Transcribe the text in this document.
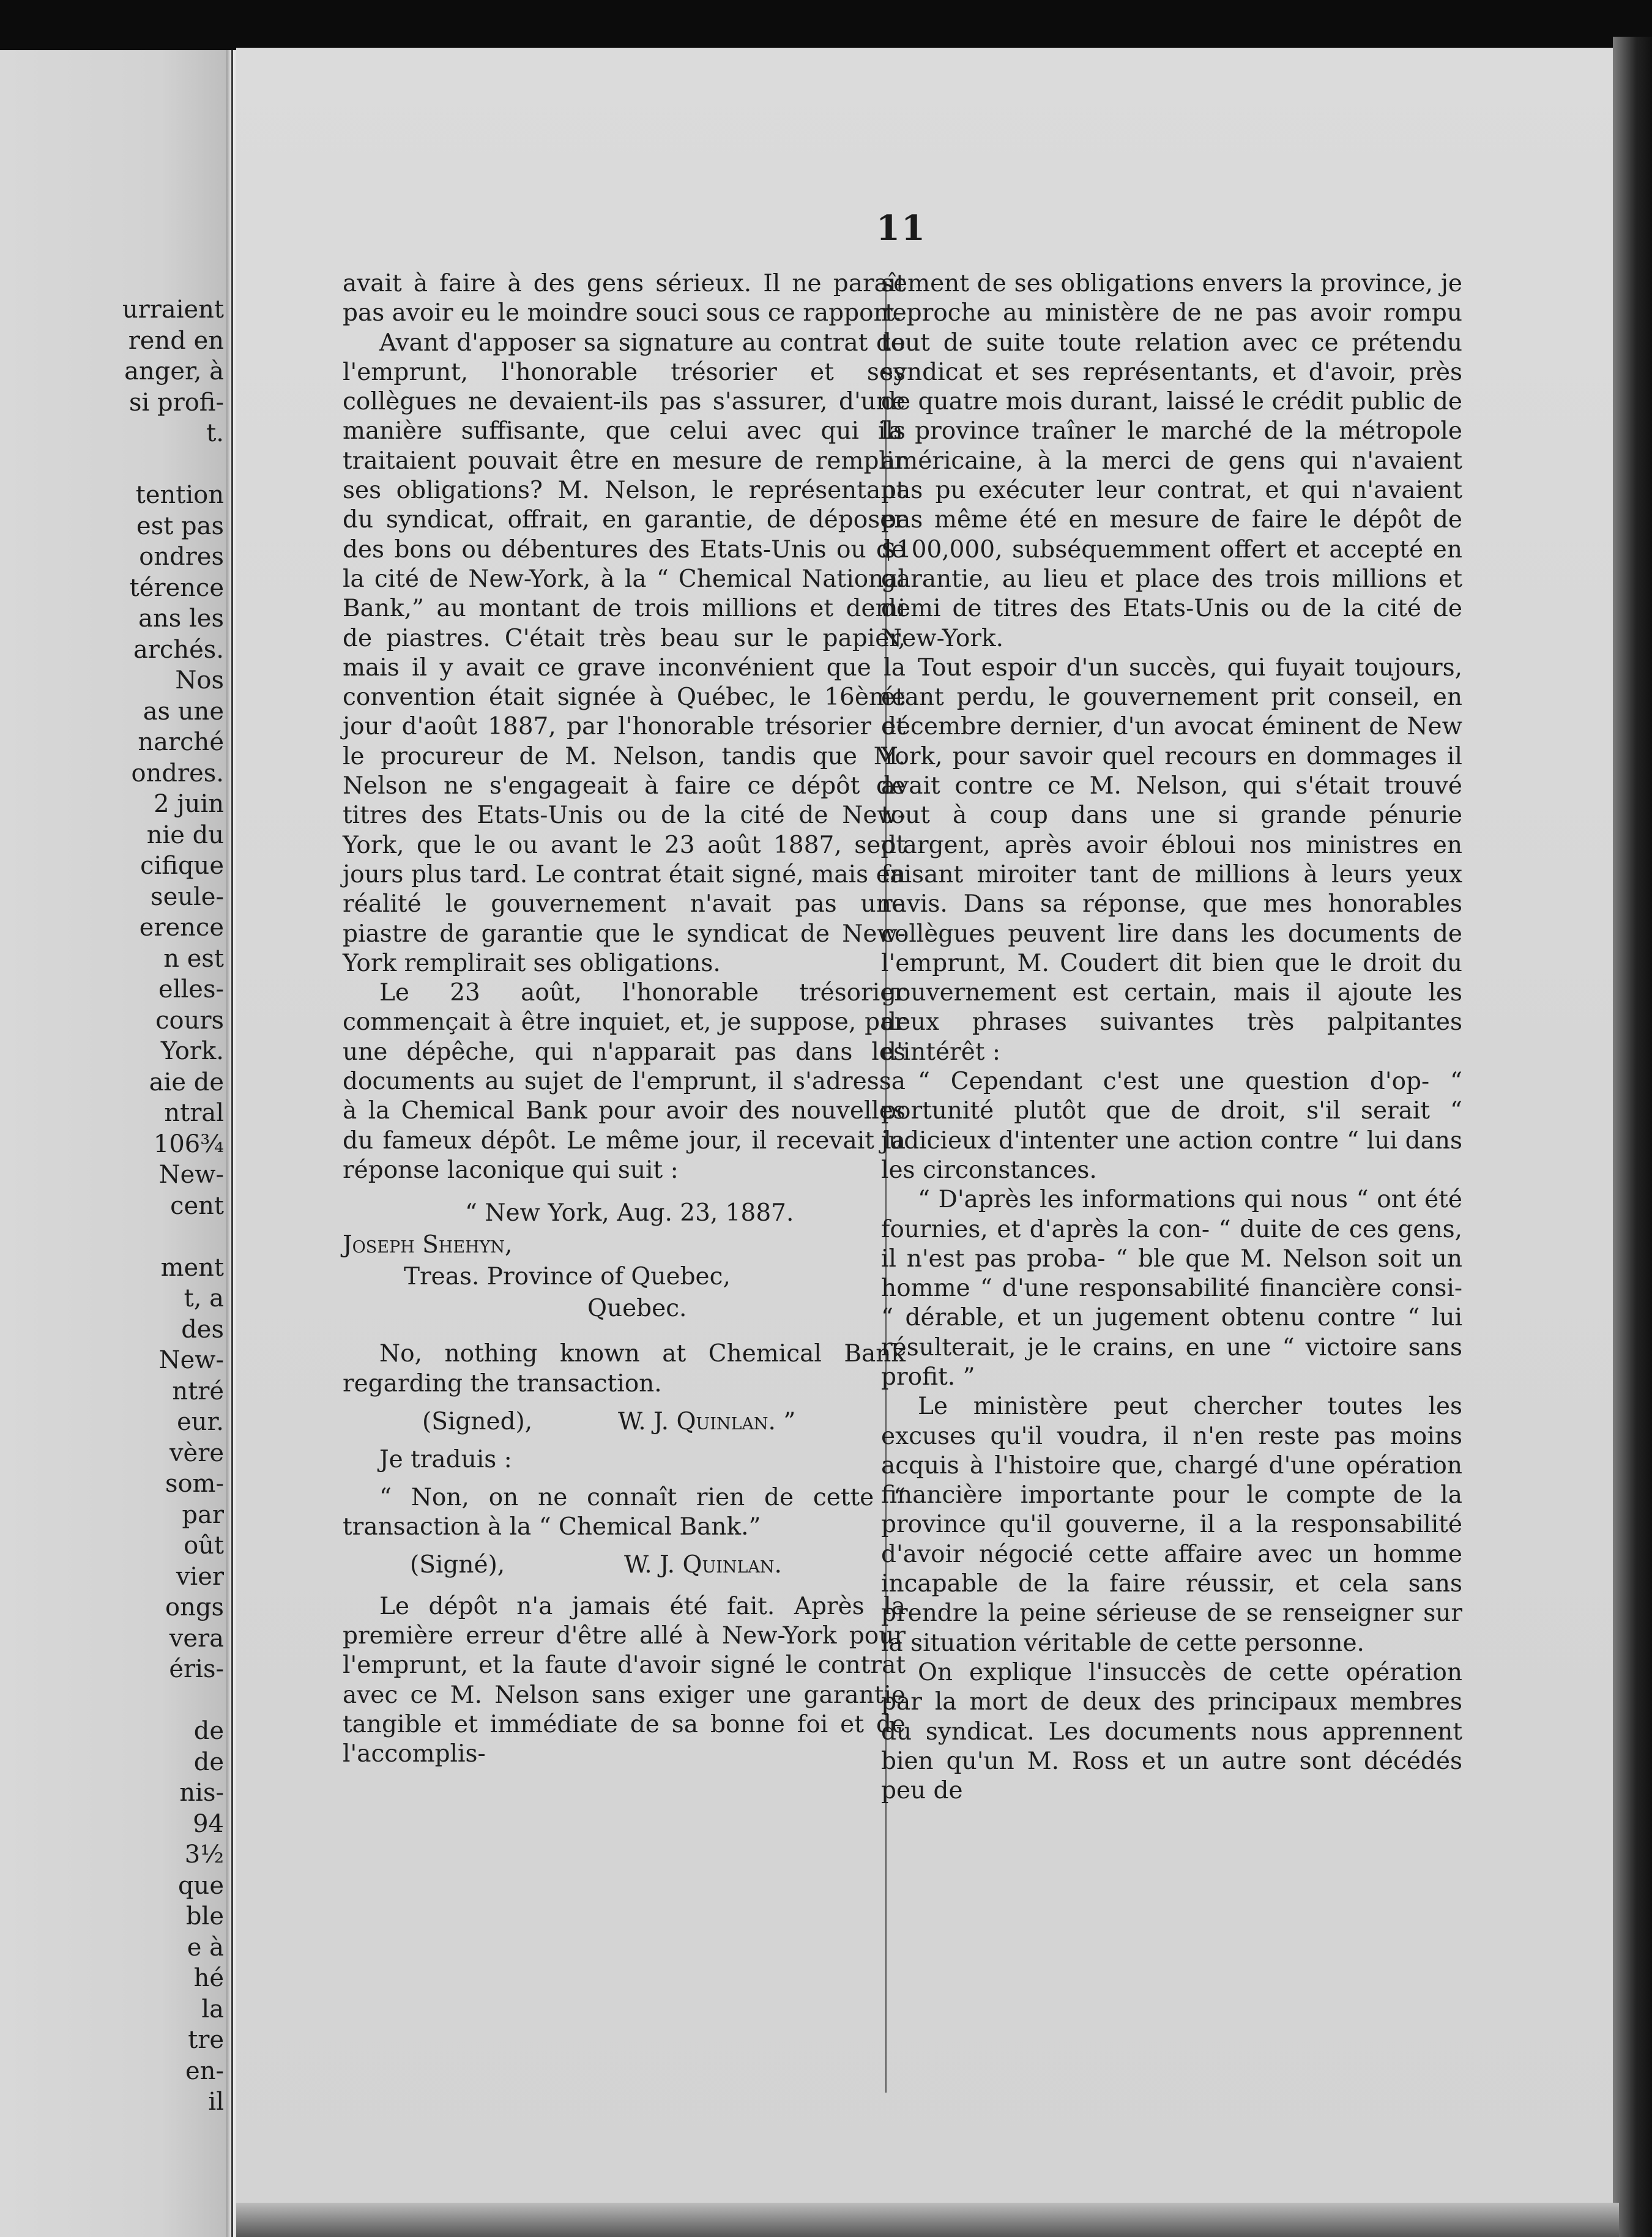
urraient
rend en
anger, à
si profi-
t.
tention
est pas
ondres
térence
ans les
archés.
Nos
as une
narché
ondres.
2 juin
nie du
cifique
seule-
erence
n est
elles-
cours
York.
aie de
ntral
106¾
New-
cent
ment
t, a
des
New-
ntré
eur.
vère
som-
par
oût
vier
ongs
vera
éris-
de
de
nis-
94
3½
que
ble
e à
hé
la
tre
en-
il
11

avait à faire à des gens sérieux. Il ne paraît pas avoir eu le moindre souci sous ce rapport.

Avant d'apposer sa signature au contrat de l'emprunt, l'honorable trésorier et ses collègues ne devaient-ils pas s'assurer, d'une manière suffisante, que celui avec qui ils traitaient pouvait être en mesure de remplir ses obligations? M. Nelson, le représentant du syndicat, offrait, en garantie, de déposer des bons ou débentures des Etats-Unis ou de la cité de New-York, à la “ Chemical National Bank,” au montant de trois millions et demi de piastres. C'était très beau sur le papier, mais il y avait ce grave inconvénient que la convention était signée à Québec, le 16ème jour d'août 1887, par l'honorable trésorier et le procureur de M. Nelson, tandis que M. Nelson ne s'engageait à faire ce dépôt de titres des Etats-Unis ou de la cité de New-York, que le ou avant le 23 août 1887, sept jours plus tard. Le contrat était signé, mais en réalité le gouvernement n'avait pas une piastre de garantie que le syndicat de New-York remplirait ses obligations.

Le 23 août, l'honorable trésorier commençait à être inquiet, et, je suppose, par une dépêche, qui n'apparait pas dans les documents au sujet de l'emprunt, il s'adressa à la Chemical Bank pour avoir des nouvelles du fameux dépôt. Le même jour, il recevait la réponse laconique qui suit :

“ New York, Aug. 23, 1887.
Joseph Shehyn,
Treas. Province of Quebec,
Quebec.

No, nothing known at Chemical Bank regarding the transaction.

(Signed),	W. J. Quinlan. ”

Je traduis :

“ Non, on ne connaît rien de cette “ transaction à la “ Chemical Bank.”

(Signé),	W. J. Quinlan.

Le dépôt n'a jamais été fait. Après la première erreur d'être allé à New-York pour l'emprunt, et la faute d'avoir signé le contrat avec ce M. Nelson sans exiger une garantie tangible et immédiate de sa bonne foi et de l'accomplis-

sement de ses obligations envers la province, je reproche au ministère de ne pas avoir rompu tout de suite toute relation avec ce prétendu syndicat et ses représentants, et d'avoir, près de quatre mois durant, laissé le crédit public de la province traîner le marché de la métropole américaine, à la merci de gens qui n'avaient pas pu exécuter leur contrat, et qui n'avaient pas même été en mesure de faire le dépôt de $100,000, subséquemment offert et accepté en garantie, au lieu et place des trois millions et demi de titres des Etats-Unis ou de la cité de New-York.

Tout espoir d'un succès, qui fuyait toujours, étant perdu, le gouvernement prit conseil, en décembre dernier, d'un avocat éminent de New York, pour savoir quel recours en dommages il avait contre ce M. Nelson, qui s'était trouvé tout à coup dans une si grande pénurie d'argent, après avoir ébloui nos ministres en faisant miroiter tant de millions à leurs yeux ravis. Dans sa réponse, que mes honorables collègues peuvent lire dans les documents de l'emprunt, M. Coudert dit bien que le droit du gouvernement est certain, mais il ajoute les deux phrases suivantes très palpitantes d'intérêt :

“ Cependant c'est une question d'op- “ portunité plutôt que de droit, s'il serait “ judicieux d'intenter une action contre “ lui dans les circonstances.

“ D'après les informations qui nous “ ont été fournies, et d'après la con- “ duite de ces gens, il n'est pas proba- “ ble que M. Nelson soit un homme “ d'une responsabilité financière consi- “ dérable, et un jugement obtenu contre “ lui résulterait, je le crains, en une “ victoire sans profit. ”

Le ministère peut chercher toutes les excuses qu'il voudra, il n'en reste pas moins acquis à l'histoire que, chargé d'une opération financière importante pour le compte de la province qu'il gouverne, il a la responsabilité d'avoir négocié cette affaire avec un homme incapable de la faire réussir, et cela sans prendre la peine sérieuse de se renseigner sur la situation véritable de cette personne.

On explique l'insuccès de cette opération par la mort de deux des principaux membres du syndicat. Les documents nous apprennent bien qu'un M. Ross et un autre sont décédés peu de
